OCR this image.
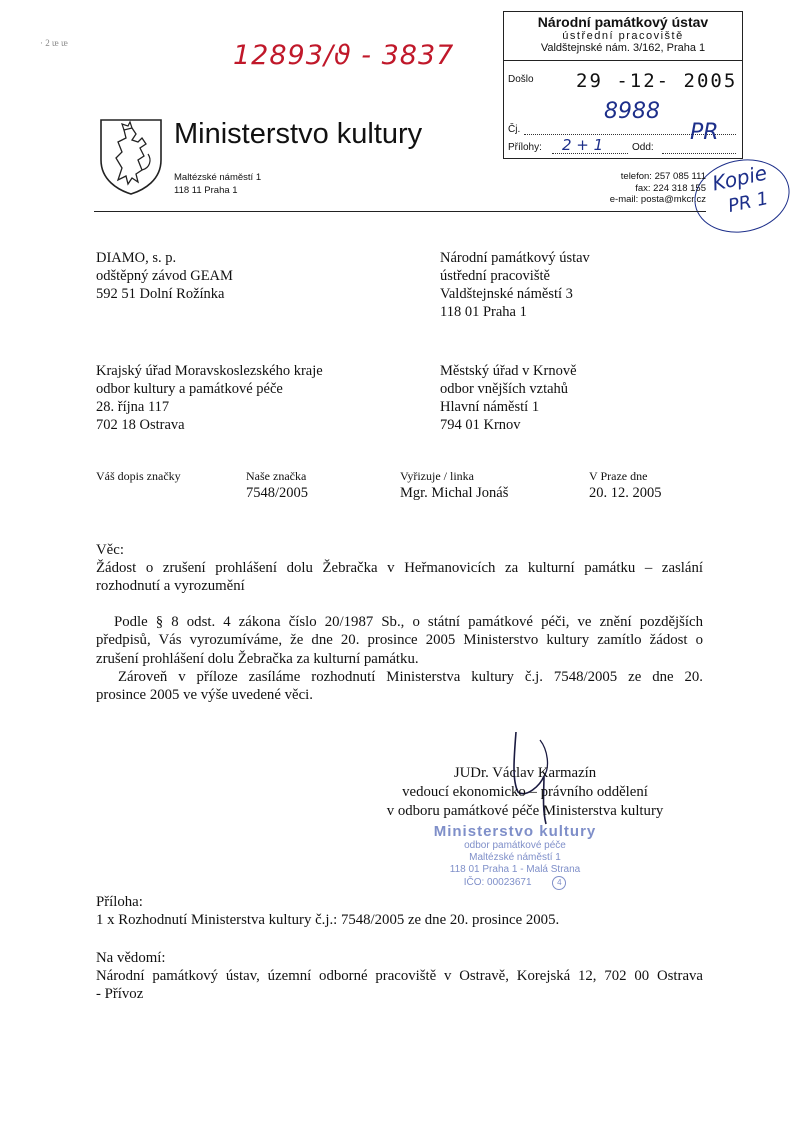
· 2 ᵫ ᵫ	12893/ϑ - 3837
Národní památkový ústav
ústřední pracoviště
Valdštejnské nám. 3/162, Praha 1
Došlo 29 -12- 2005
8988
Čj.
Přílohy: 2 + 1	Odd:
PR
Kopie
PR 1
Ministerstvo kultury
Maltézské náměstí 1
118 11 Praha 1
telefon: 257 085 111
fax: 224 318 155
e-mail: posta@mkcr.cz
DIAMO, s. p.
odštěpný závod GEAM
592 51 Dolní Rožínka
Národní památkový ústav
ústřední pracoviště
Valdštejnské náměstí 3
118 01 Praha 1
Krajský úřad Moravskoslezského kraje
odbor kultury a památkové péče
28. října 117
702 18 Ostrava
Městský úřad v Krnově
odbor vnějších vztahů
Hlavní náměstí 1
794 01 Krnov
Váš dopis značky	Naše značka
7548/2005
Vyřizuje / linka
Mgr. Michal Jonáš
V Praze dne
20. 12. 2005
Věc:
Žádost o zrušení prohlášení dolu Žebračka v Heřmanovicích za kulturní památku – zaslání
rozhodnutí a vyrozumění
Podle § 8 odst. 4 zákona číslo 20/1987 Sb., o státní památkové péči, ve znění pozdějších
předpisů, Vás vyrozumíváme, že dne 20. prosince 2005 Ministerstvo kultury zamítlo žádost o
zrušení prohlášení dolu Žebračka za kulturní památku.
Zároveň v příloze zasíláme rozhodnutí Ministerstva kultury č.j. 7548/2005 ze dne 20.
prosince 2005 ve výše uvedené věci.
JUDr. Václav Karmazín
vedoucí ekonomicko – právního oddělení
v odboru památkové péče Ministerstva kultury
Ministerstvo kultury
odbor památkové péče
Maltézské náměstí 1
118 01 Praha 1 - Malá Strana
IČO: 00023671	4
Příloha:
1 x Rozhodnutí Ministerstva kultury č.j.: 7548/2005 ze dne 20. prosince 2005.
Na vědomí:
Národní památkový ústav, územní odborné pracoviště v Ostravě, Korejská 12, 702 00 Ostrava
- Přívoz
